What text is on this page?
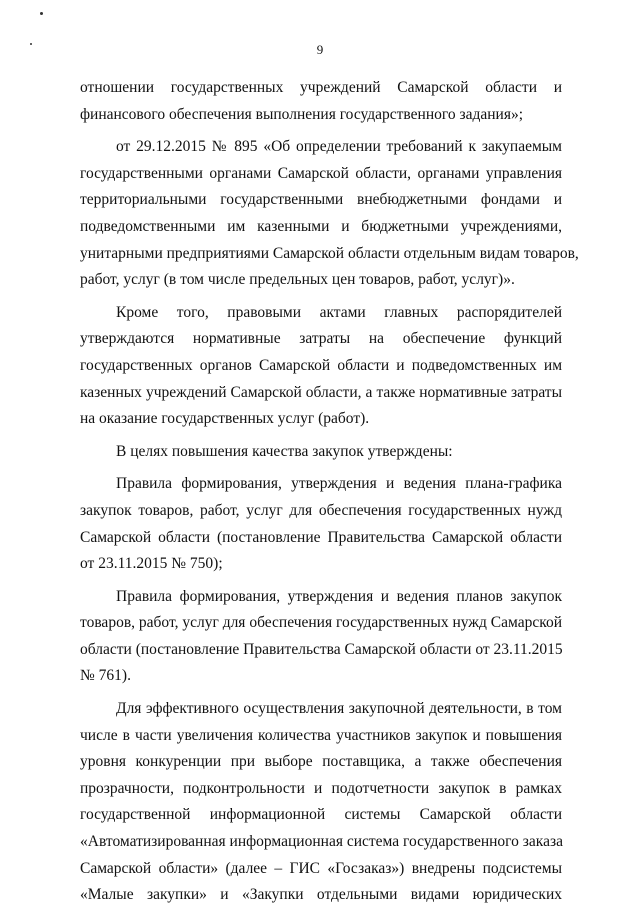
9
отношении государственных учреждений Самарской области и
финансового обеспечения выполнения государственного задания»;
от 29.12.2015 № 895 «Об определении требований к закупаемым
государственными органами Самарской области, органами управления
территориальными государственными внебюджетными фондами и
подведомственными им казенными и бюджетными учреждениями,
унитарными предприятиями Самарской области отдельным видам товаров,
работ, услуг (в том числе предельных цен товаров, работ, услуг)».
Кроме того, правовыми актами главных распорядителей
утверждаются нормативные затраты на обеспечение функций
государственных органов Самарской области и подведомственных им
казенных учреждений Самарской области, а также нормативные затраты
на оказание государственных услуг (работ).
В целях повышения качества закупок утверждены:
Правила формирования, утверждения и ведения плана-графика
закупок товаров, работ, услуг для обеспечения государственных нужд
Самарской области (постановление Правительства Самарской области
от 23.11.2015 № 750);
Правила формирования, утверждения и ведения планов закупок
товаров, работ, услуг для обеспечения государственных нужд Самарской
области (постановление Правительства Самарской области от 23.11.2015
№ 761).
Для эффективного осуществления закупочной деятельности, в том
числе в части увеличения количества участников закупок и повышения
уровня конкуренции при выборе поставщика, а также обеспечения
прозрачности, подконтрольности и подотчетности закупок в рамках
государственной информационной системы Самарской области
«Автоматизированная информационная система государственного заказа
Самарской области» (далее – ГИС «Госзаказ») внедрены подсистемы
«Малые закупки» и «Закупки отдельными видами юридических
